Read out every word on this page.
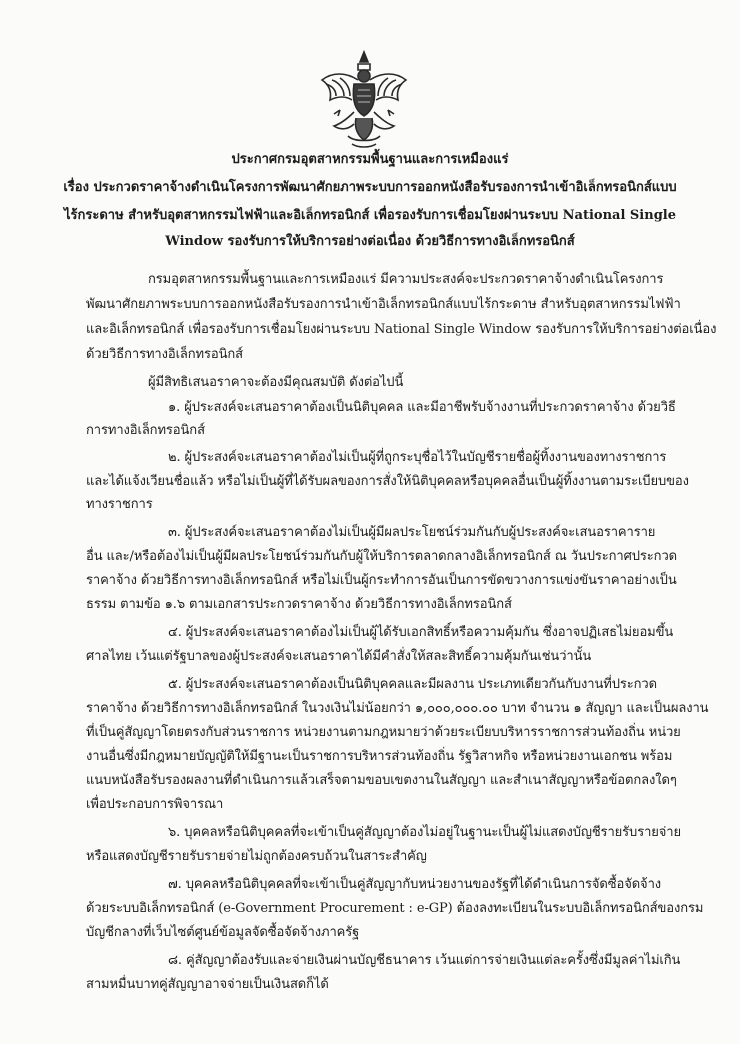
ประกาศกรมอุตสาหกรรมพื้นฐานและการเหมืองแร่
เรื่อง ประกวดราคาจ้างดำเนินโครงการพัฒนาศักยภาพระบบการออกหนังสือรับรองการนำเข้าอิเล็กทรอนิกส์แบบ
ไร้กระดาษ สำหรับอุตสาหกรรมไฟฟ้าและอิเล็กทรอนิกส์ เพื่อรองรับการเชื่อมโยงผ่านระบบ National Single
Window รองรับการให้บริการอย่างต่อเนื่อง ด้วยวิธีการทางอิเล็กทรอนิกส์
กรมอุตสาหกรรมพื้นฐานและการเหมืองแร่ มีความประสงค์จะประกวดราคาจ้างดำเนินโครงการ
พัฒนาศักยภาพระบบการออกหนังสือรับรองการนำเข้าอิเล็กทรอนิกส์แบบไร้กระดาษ สำหรับอุตสาหกรรมไฟฟ้า
และอิเล็กทรอนิกส์ เพื่อรองรับการเชื่อมโยงผ่านระบบ National Single Window รองรับการให้บริการอย่างต่อเนื่อง
ด้วยวิธีการทางอิเล็กทรอนิกส์
ผู้มีสิทธิเสนอราคาจะต้องมีคุณสมบัติ ดังต่อไปนี้
๑. ผู้ประสงค์จะเสนอราคาต้องเป็นนิติบุคคล และมีอาชีพรับจ้างงานที่ประกวดราคาจ้าง ด้วยวิธี
การทางอิเล็กทรอนิกส์
๒. ผู้ประสงค์จะเสนอราคาต้องไม่เป็นผู้ที่ถูกระบุชื่อไว้ในบัญชีรายชื่อผู้ทิ้งงานของทางราชการ
และได้แจ้งเวียนชื่อแล้ว หรือไม่เป็นผู้ที่ได้รับผลของการสั่งให้นิติบุคคลหรือบุคคลอื่นเป็นผู้ทิ้งงานตามระเบียบของ
ทางราชการ
๓. ผู้ประสงค์จะเสนอราคาต้องไม่เป็นผู้มีผลประโยชน์ร่วมกันกับผู้ประสงค์จะเสนอราคาราย
อื่น และ/หรือต้องไม่เป็นผู้มีผลประโยชน์ร่วมกันกับผู้ให้บริการตลาดกลางอิเล็กทรอนิกส์ ณ วันประกาศประกวด
ราคาจ้าง ด้วยวิธีการทางอิเล็กทรอนิกส์ หรือไม่เป็นผู้กระทำการอันเป็นการขัดขวางการแข่งขันราคาอย่างเป็น
ธรรม ตามข้อ ๑.๖ ตามเอกสารประกวดราคาจ้าง ด้วยวิธีการทางอิเล็กทรอนิกส์
๔. ผู้ประสงค์จะเสนอราคาต้องไม่เป็นผู้ได้รับเอกสิทธิ์หรือความคุ้มกัน ซึ่งอาจปฏิเสธไม่ยอมขึ้น
ศาลไทย เว้นแต่รัฐบาลของผู้ประสงค์จะเสนอราคาได้มีคำสั่งให้สละสิทธิ์ความคุ้มกันเช่นว่านั้น
๕. ผู้ประสงค์จะเสนอราคาต้องเป็นนิติบุคคลและมีผลงาน ประเภทเดียวกันกับงานที่ประกวด
ราคาจ้าง ด้วยวิธีการทางอิเล็กทรอนิกส์ ในวงเงินไม่น้อยกว่า ๑,๐๐๐,๐๐๐.๐๐ บาท จำนวน ๑ สัญญา และเป็นผลงาน
ที่เป็นคู่สัญญาโดยตรงกับส่วนราชการ หน่วยงานตามกฎหมายว่าด้วยระเบียบบริหารราชการส่วนท้องถิ่น หน่วย
งานอื่นซึ่งมีกฎหมายบัญญัติให้มีฐานะเป็นราชการบริหารส่วนท้องถิ่น รัฐวิสาหกิจ หรือหน่วยงานเอกชน พร้อม
แนบหนังสือรับรองผลงานที่ดำเนินการแล้วเสร็จตามขอบเขตงานในสัญญา และสำเนาสัญญาหรือข้อตกลงใดๆ
เพื่อประกอบการพิจารณา
๖. บุคคลหรือนิติบุคคลที่จะเข้าเป็นคู่สัญญาต้องไม่อยู่ในฐานะเป็นผู้ไม่แสดงบัญชีรายรับรายจ่าย
หรือแสดงบัญชีรายรับรายจ่ายไม่ถูกต้องครบถ้วนในสาระสำคัญ
๗. บุคคลหรือนิติบุคคลที่จะเข้าเป็นคู่สัญญากับหน่วยงานของรัฐที่ได้ดำเนินการจัดซื้อจัดจ้าง
ด้วยระบบอิเล็กทรอนิกส์ (e-Government Procurement : e-GP) ต้องลงทะเบียนในระบบอิเล็กทรอนิกส์ของกรม
บัญชีกลางที่เว็บไซต์ศูนย์ข้อมูลจัดซื้อจัดจ้างภาครัฐ
๘. คู่สัญญาต้องรับและจ่ายเงินผ่านบัญชีธนาคาร เว้นแต่การจ่ายเงินแต่ละครั้งซึ่งมีมูลค่าไม่เกิน
สามหมื่นบาทคู่สัญญาอาจจ่ายเป็นเงินสดก็ได้
